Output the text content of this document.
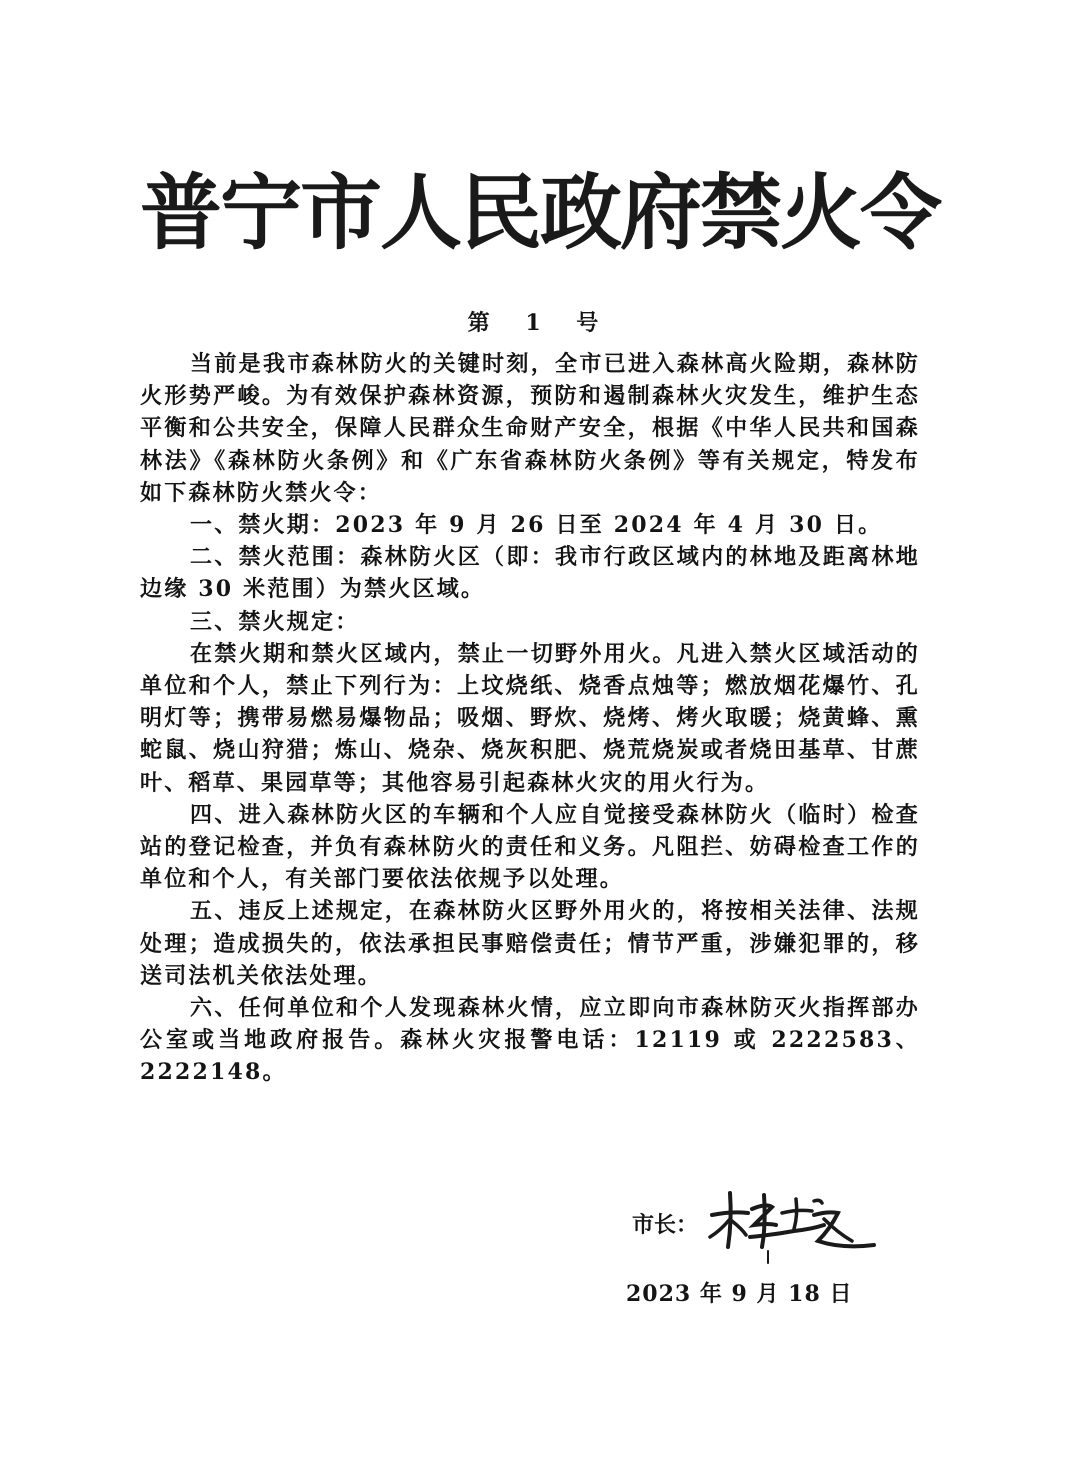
普宁市人民政府禁火令
第 1 号

当前是我市森林防火的关键时刻，全市已进入森林高火险期，森林防火形势严峻。为有效保护森林资源，预防和遏制森林火灾发生，维护生态平衡和公共安全，保障人民群众生命财产安全，根据《中华人民共和国森林法》《森林防火条例》和《广东省森林防火条例》等有关规定，特发布如下森林防火禁火令：

一、禁火期：2023 年 9 月 26 日至 2024 年 4 月 30 日。

二、禁火范围：森林防火区（即：我市行政区域内的林地及距离林地边缘 30 米范围）为禁火区域。

三、禁火规定：

在禁火期和禁火区域内，禁止一切野外用火。凡进入禁火区域活动的单位和个人，禁止下列行为：上坟烧纸、烧香点烛等；燃放烟花爆竹、孔明灯等；携带易燃易爆物品；吸烟、野炊、烧烤、烤火取暖；烧黄蜂、熏蛇鼠、烧山狩猎；炼山、烧杂、烧灰积肥、烧荒烧炭或者烧田基草、甘蔗叶、稻草、果园草等；其他容易引起森林火灾的用火行为。

四、进入森林防火区的车辆和个人应自觉接受森林防火（临时）检查站的登记检查，并负有森林防火的责任和义务。凡阻拦、妨碍检查工作的单位和个人，有关部门要依法依规予以处理。

五、违反上述规定，在森林防火区野外用火的，将按相关法律、法规处理；造成损失的，依法承担民事赔偿责任；情节严重，涉嫌犯罪的，移送司法机关依法处理。

六、任何单位和个人发现森林火情，应立即向市森林防灭火指挥部办公室或当地政府报告。森林火灾报警电话：12119 或 2222583、2222148。

市长：
2023 年 9 月 18 日
